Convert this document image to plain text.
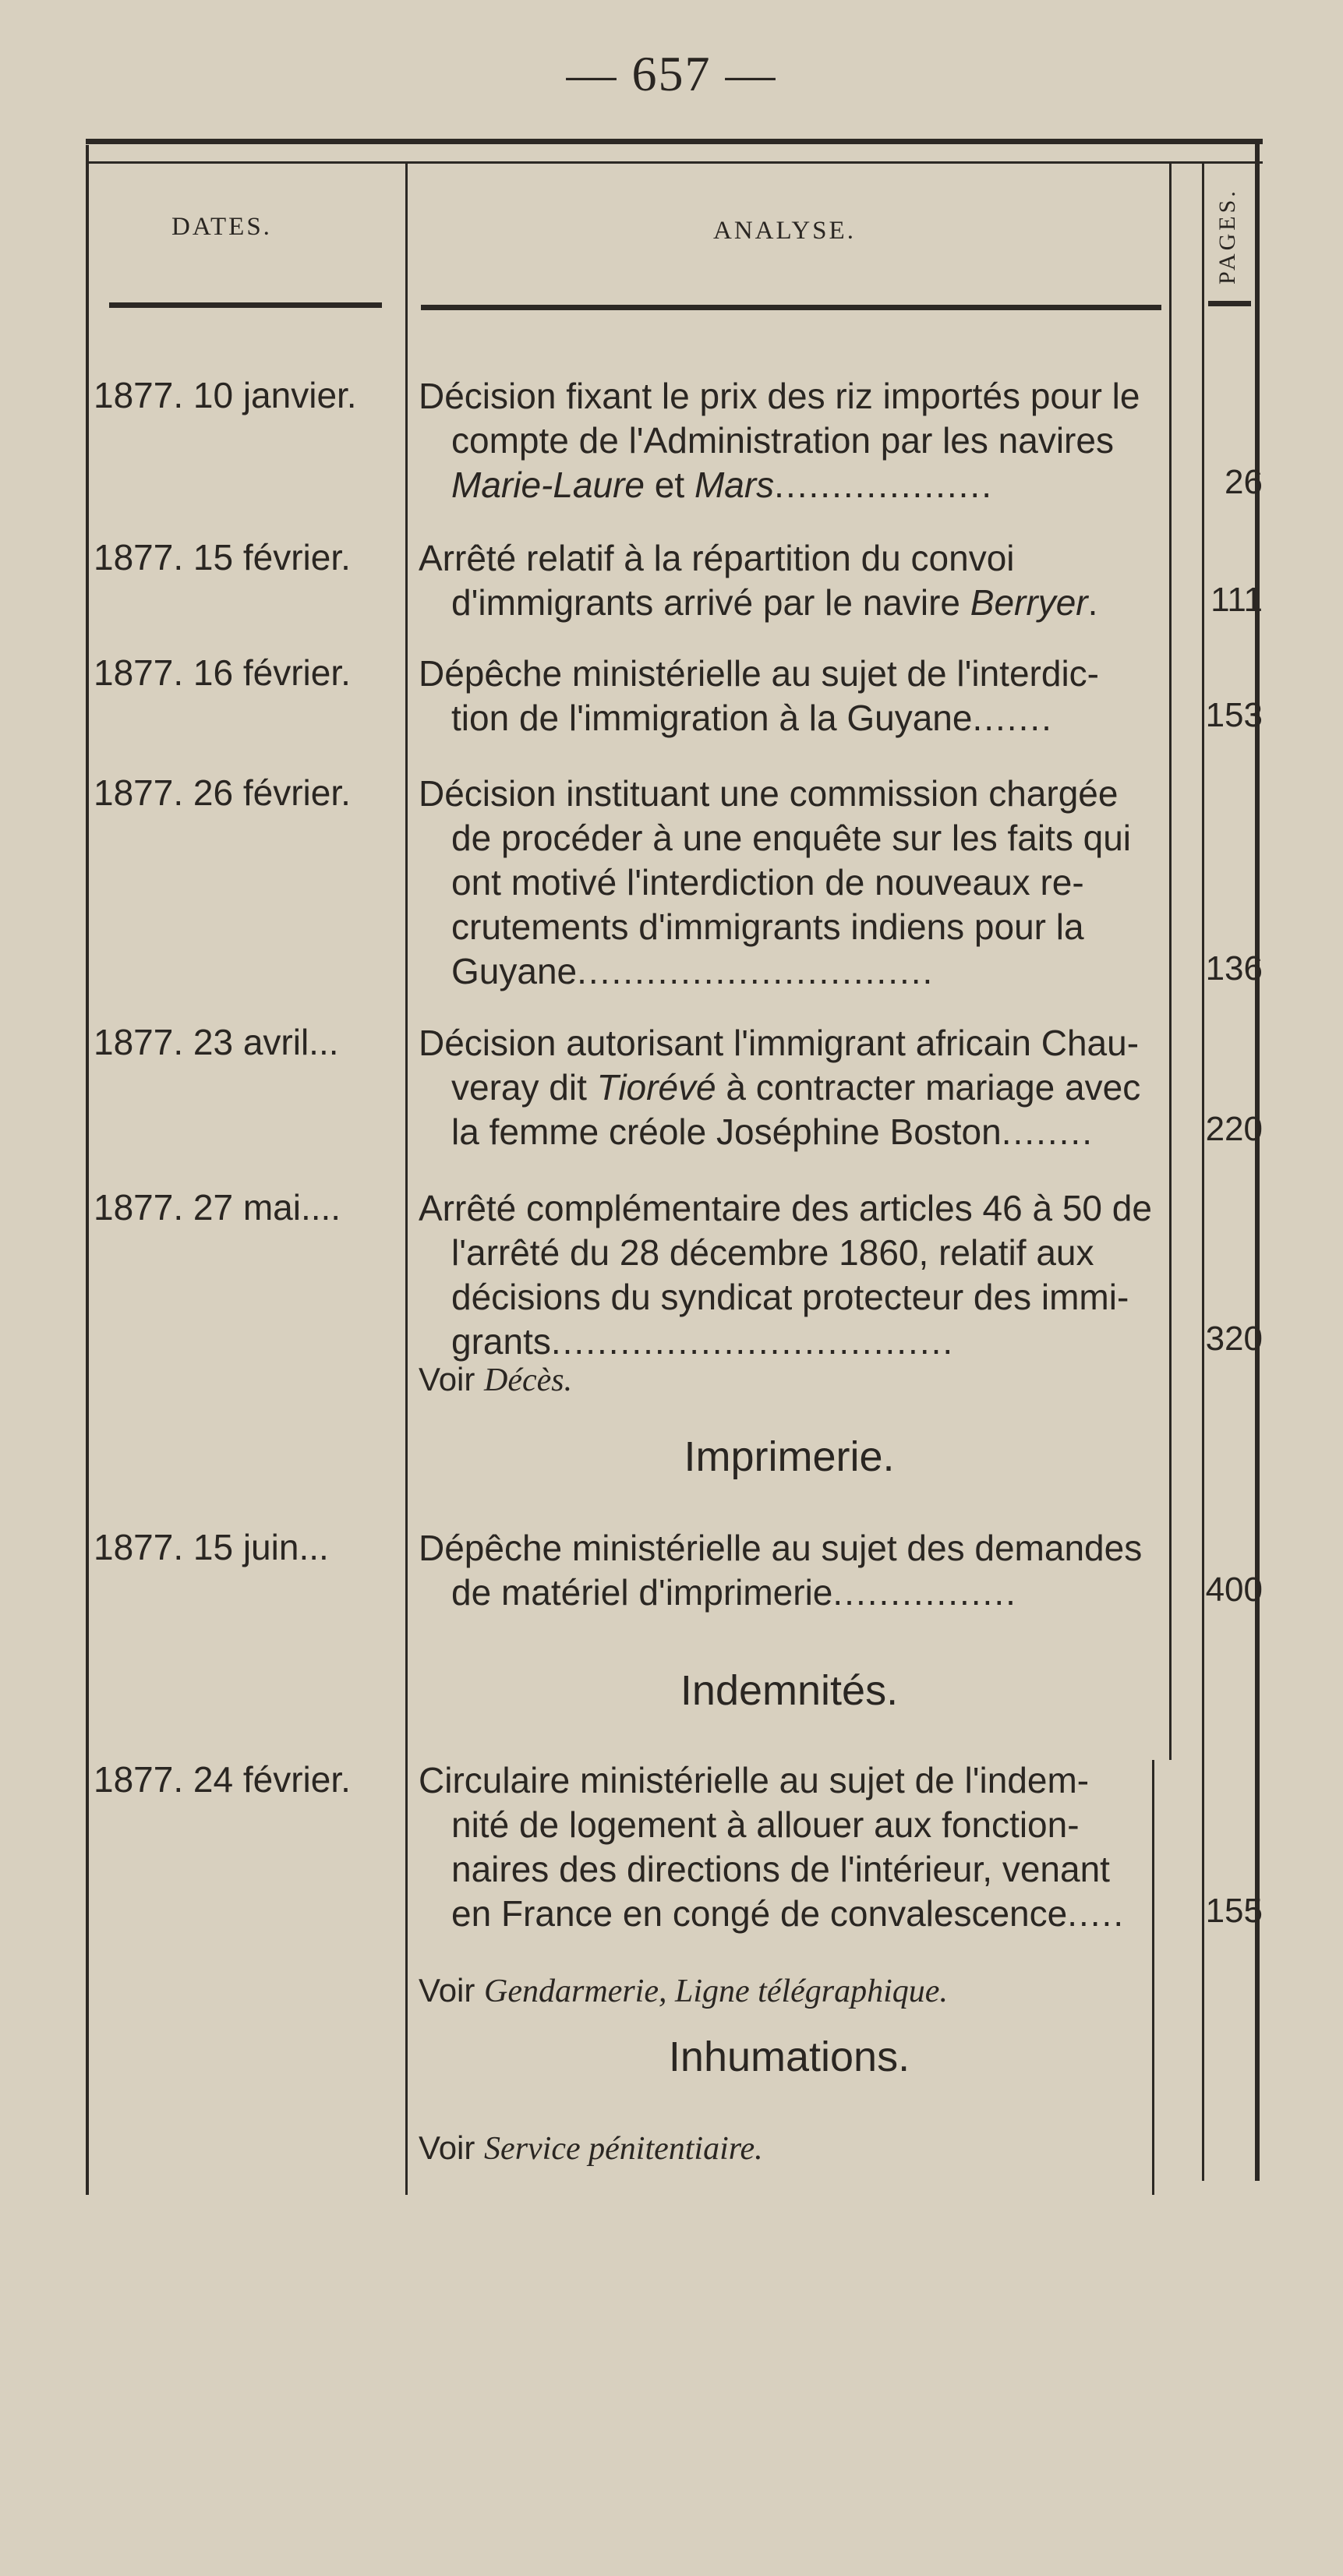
— 657 —
DATES.	ANALYSE.	PAGES.
1877. 10 janvier. Décision fixant le prix des riz importés pour le
compte de l'Administration par les navires
Marie-Laure et Mars...................	26
1877. 15 février. Arrêté relatif à la répartition du convoi
d'immigrants arrivé par le navire Berryer.	111
1877. 16 février. Dépêche ministérielle au sujet de l'interdic-
tion de l'immigration à la Guyane.......	153
1877. 26 février. Décision instituant une commission chargée
de procéder à une enquête sur les faits qui
ont motivé l'interdiction de nouveaux re-
crutements d'immigrants indiens pour la
Guyane...............................	136
1877. 23 avril... Décision autorisant l'immigrant africain Chau-
veray dit Tiorévé à contracter mariage avec
la femme créole Joséphine Boston........	220
1877. 27 mai.... Arrêté complémentaire des articles 46 à 50 de
l'arrêté du 28 décembre 1860, relatif aux
décisions du syndicat protecteur des immi-
grants...................................	320
Voir Décès.
Imprimerie.
1877. 15 juin...	Dépêche ministérielle au sujet des demandes
de matériel d'imprimerie................	400
Indemnités.
1877. 24 février. Circulaire ministérielle au sujet de l'indem-
nité de logement à allouer aux fonction-
naires des directions de l'intérieur, venant
en France en congé de convalescence.....	155
Voir Gendarmerie, Ligne télégraphique.
Inhumations.
Voir Service pénitentiaire.
